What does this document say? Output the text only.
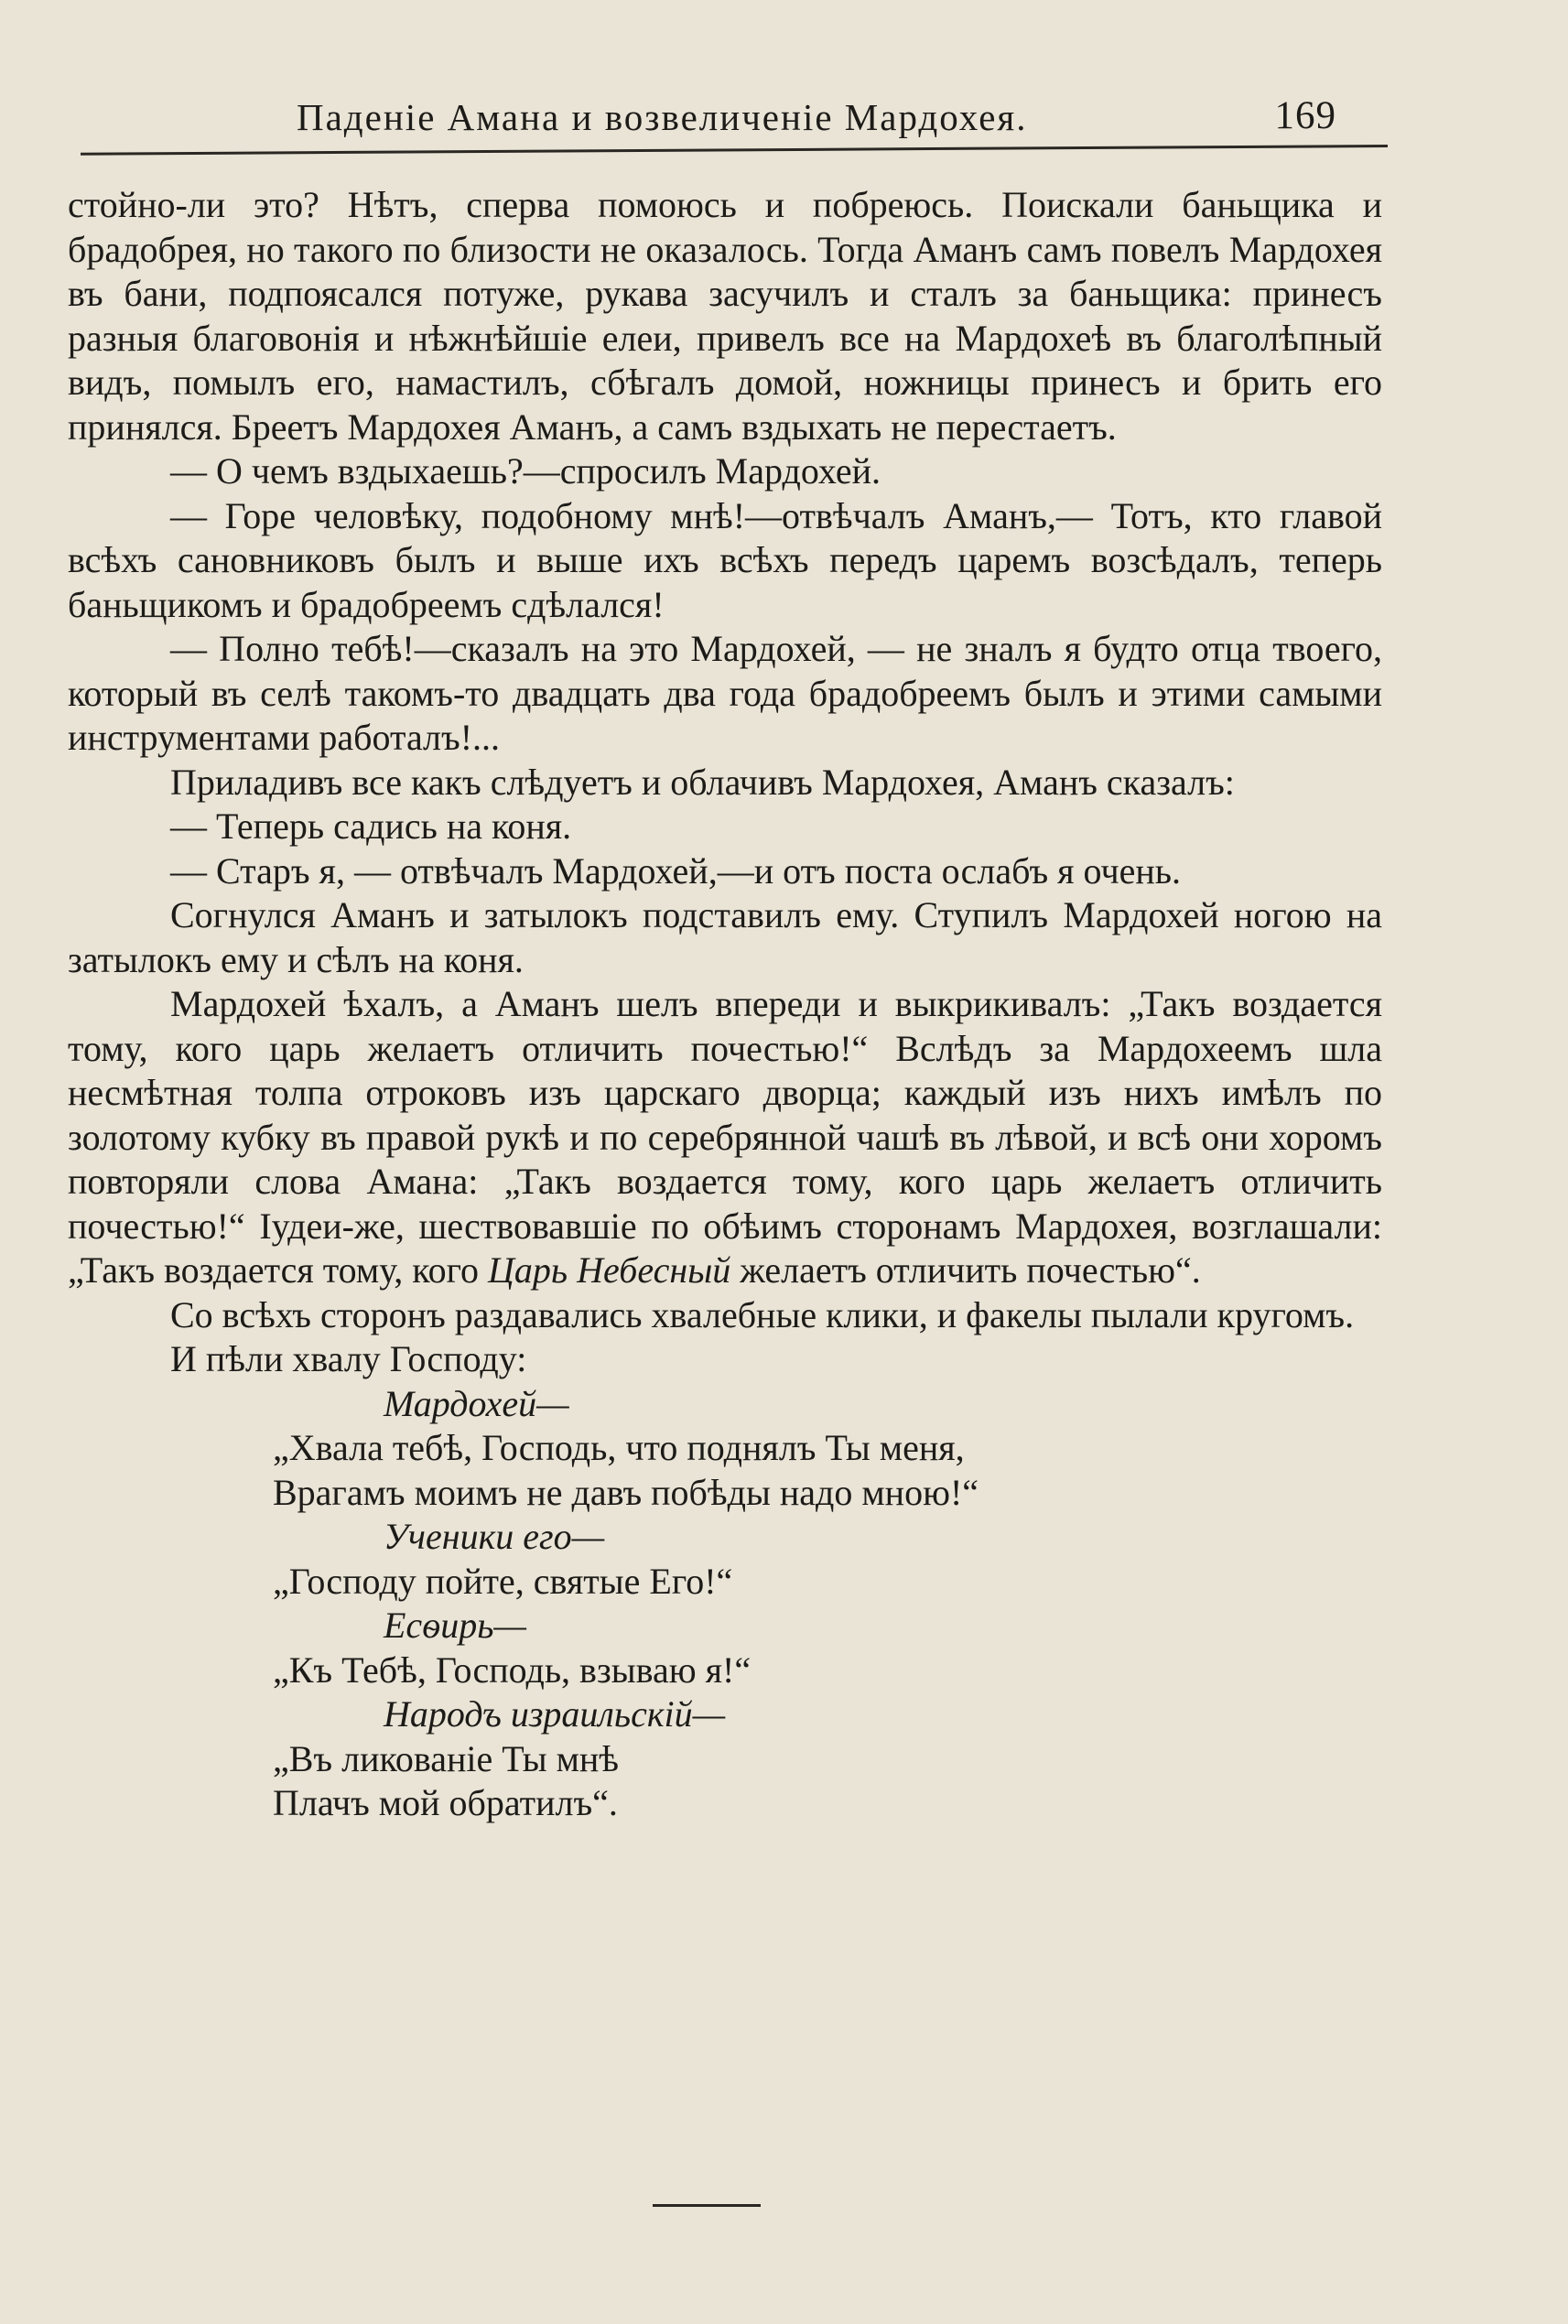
Паденіе Амана и возвеличеніе Мардохея.	169

стойно-ли это? Нѣтъ, сперва помоюсь и побреюсь. Поискали баньщика и брадобрея, но такого по близости не оказалось. Тогда Аманъ самъ повелъ Мардохея въ бани, подпоясался потуже, рукава засучилъ и сталъ за баньщика: принесъ разныя благовонія и нѣжнѣйшіе елеи, привелъ все на Мардохеѣ въ благолѣпный видъ, помылъ его, намастилъ, сбѣгалъ домой, ножницы принесъ и брить его принялся. Бреетъ Мардохея Аманъ, а самъ вздыхать не перестаетъ.

— О чемъ вздыхаешь?—спросилъ Мардохей.

— Горе человѣку, подобному мнѣ!—отвѣчалъ Аманъ,— Тотъ, кто главой всѣхъ сановниковъ былъ и выше ихъ всѣхъ передъ царемъ возсѣдалъ, теперь баньщикомъ и брадобреемъ сдѣлался!

— Полно тебѣ!—сказалъ на это Мардохей, — не зналъ я будто отца твоего, который въ селѣ такомъ-то двадцать два года брадобреемъ былъ и этими самыми инструментами работалъ!...

Приладивъ все какъ слѣдуетъ и облачивъ Мардохея, Аманъ сказалъ:

— Теперь садись на коня.

— Старъ я, — отвѣчалъ Мардохей,—и отъ поста ослабъ я очень.

Согнулся Аманъ и затылокъ подставилъ ему. Ступилъ Мардохей ногою на затылокъ ему и сѣлъ на коня.

Мардохей ѣхалъ, а Аманъ шелъ впереди и выкрикивалъ: „Такъ воздается тому, кого царь желаетъ отличить почестью!“ Вслѣдъ за Мардохеемъ шла несмѣтная толпа отроковъ изъ царскаго дворца; каждый изъ нихъ имѣлъ по золотому кубку въ правой рукѣ и по серебрянной чашѣ въ лѣвой, и всѣ они хоромъ повторяли слова Амана: „Такъ воздается тому, кого царь желаетъ отличить почестью!“ Іудеи-же, шествовавшіе по обѣимъ сторонамъ Мардохея, возглашали: „Такъ воздается тому, кого Царь Небесный желаетъ отличить почестью“.

Со всѣхъ сторонъ раздавались хвалебные клики, и факелы пылали кругомъ.

И пѣли хвалу Господу:

Мардохей—
„Хвала тебѣ, Господь, что поднялъ Ты меня,
Врагамъ моимъ не давъ побѣды надо мною!“
Ученики его—
„Господу пойте, святые Его!“
Есѳирь—
„Къ Тебѣ, Господь, взываю я!“
Народъ израильскій—
„Въ ликованіе Ты мнѣ
Плачъ мой обратилъ“.
